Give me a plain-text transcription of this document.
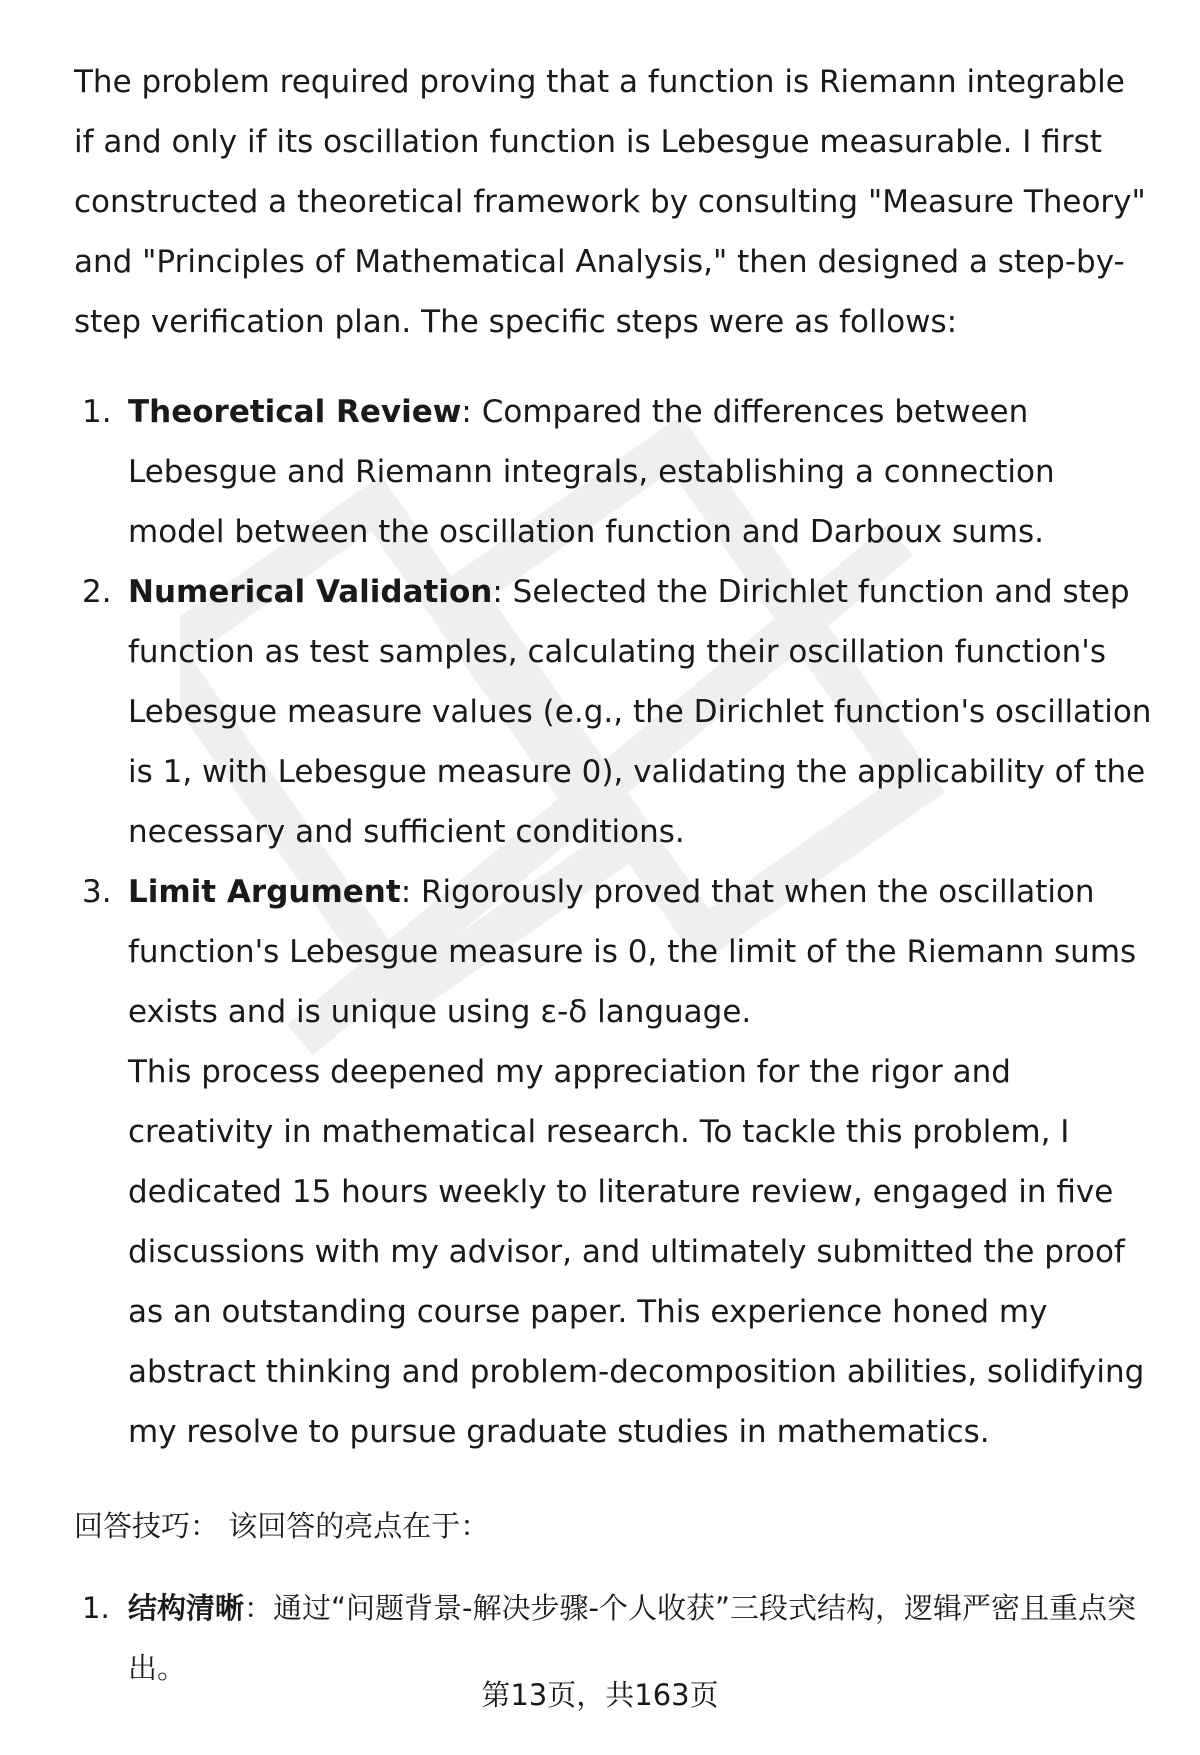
The problem required proving that a function is Riemann integrable if and only if its oscillation function is Lebesgue measurable. I first constructed a theoretical framework by consulting "Measure Theory" and "Principles of Mathematical Analysis," then designed a step-by-step verification plan. The specific steps were as follows:

1. Theoretical Review: Compared the differences between Lebesgue and Riemann integrals, establishing a connection model between the oscillation function and Darboux sums.
2. Numerical Validation: Selected the Dirichlet function and step function as test samples, calculating their oscillation function's Lebesgue measure values (e.g., the Dirichlet function's oscillation is 1, with Lebesgue measure 0), validating the applicability of the necessary and sufficient conditions.
3. Limit Argument: Rigorously proved that when the oscillation function's Lebesgue measure is 0, the limit of the Riemann sums exists and is unique using ε-δ language.
This process deepened my appreciation for the rigor and creativity in mathematical research. To tackle this problem, I dedicated 15 hours weekly to literature review, engaged in five discussions with my advisor, and ultimately submitted the proof as an outstanding course paper. This experience honed my abstract thinking and problem-decomposition abilities, solidifying my resolve to pursue graduate studies in mathematics.
回答技巧： 该回答的亮点在于：
1. 结构清晰：通过“问题背景-解决步骤-个人收获”三段式结构，逻辑严密且重点突出。
第13页，共163页
